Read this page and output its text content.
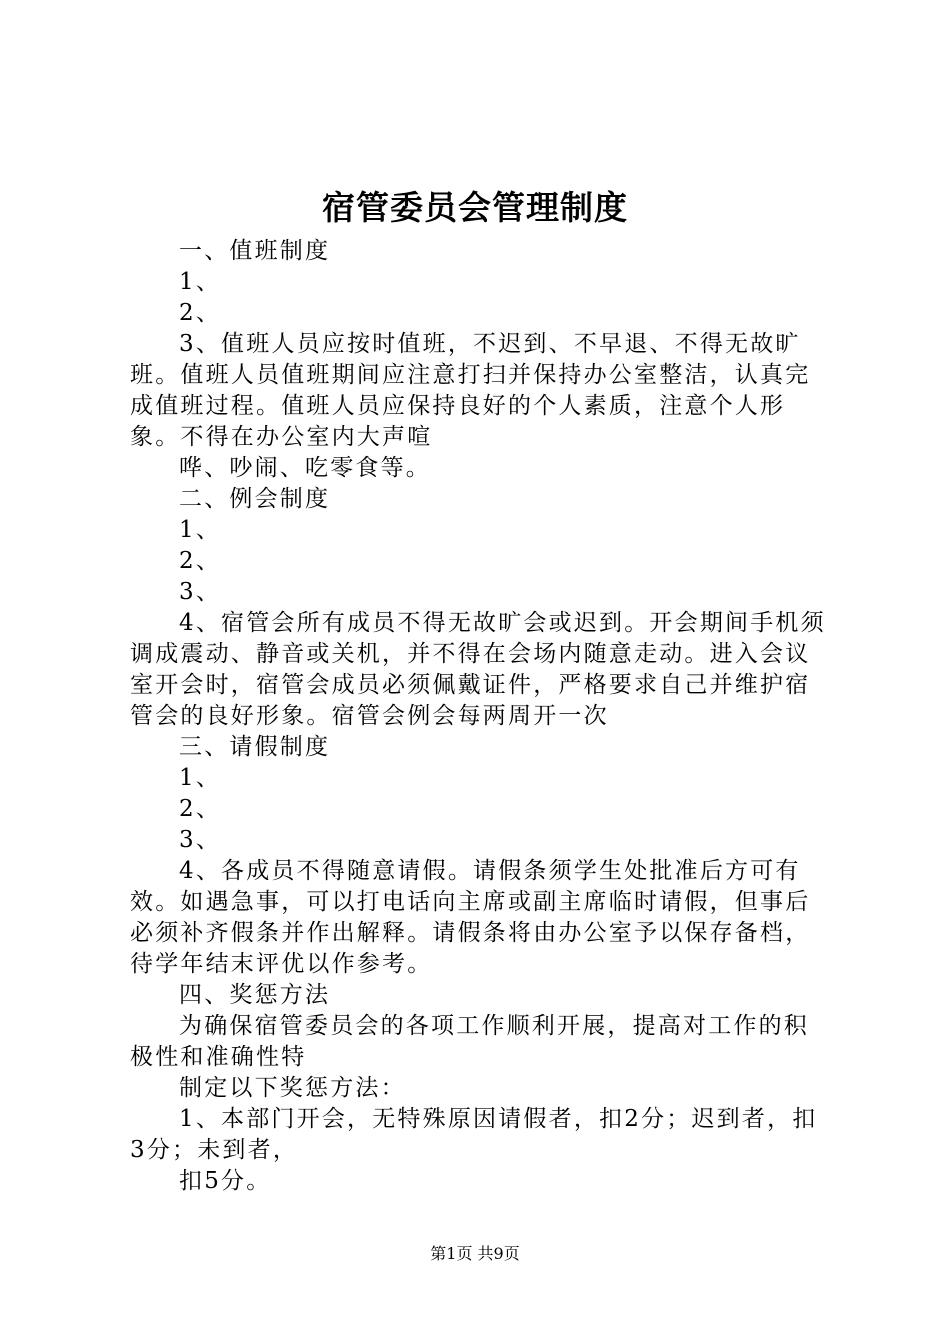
宿管委员会管理制度

一、值班制度

1、

2、

3、值班人员应按时值班，不迟到、不早退、不得无故旷班。值班人员值班期间应注意打扫并保持办公室整洁，认真完成值班过程。值班人员应保持良好的个人素质，注意个人形象。不得在办公室内大声喧

哗、吵闹、吃零食等。

二、例会制度

1、

2、

3、

4、宿管会所有成员不得无故旷会或迟到。开会期间手机须调成震动、静音或关机，并不得在会场内随意走动。进入会议室开会时，宿管会成员必须佩戴证件，严格要求自己并维护宿管会的良好形象。宿管会例会每两周开一次

三、请假制度

1、

2、

3、

4、各成员不得随意请假。请假条须学生处批准后方可有效。如遇急事，可以打电话向主席或副主席临时请假，但事后必须补齐假条并作出解释。请假条将由办公室予以保存备档，待学年结末评优以作参考。

四、奖惩方法

为确保宿管委员会的各项工作顺利开展，提高对工作的积极性和准确性特

制定以下奖惩方法：

1、本部门开会，无特殊原因请假者，扣2分；迟到者，扣3分；未到者，

扣5分。

第1页 共9页
